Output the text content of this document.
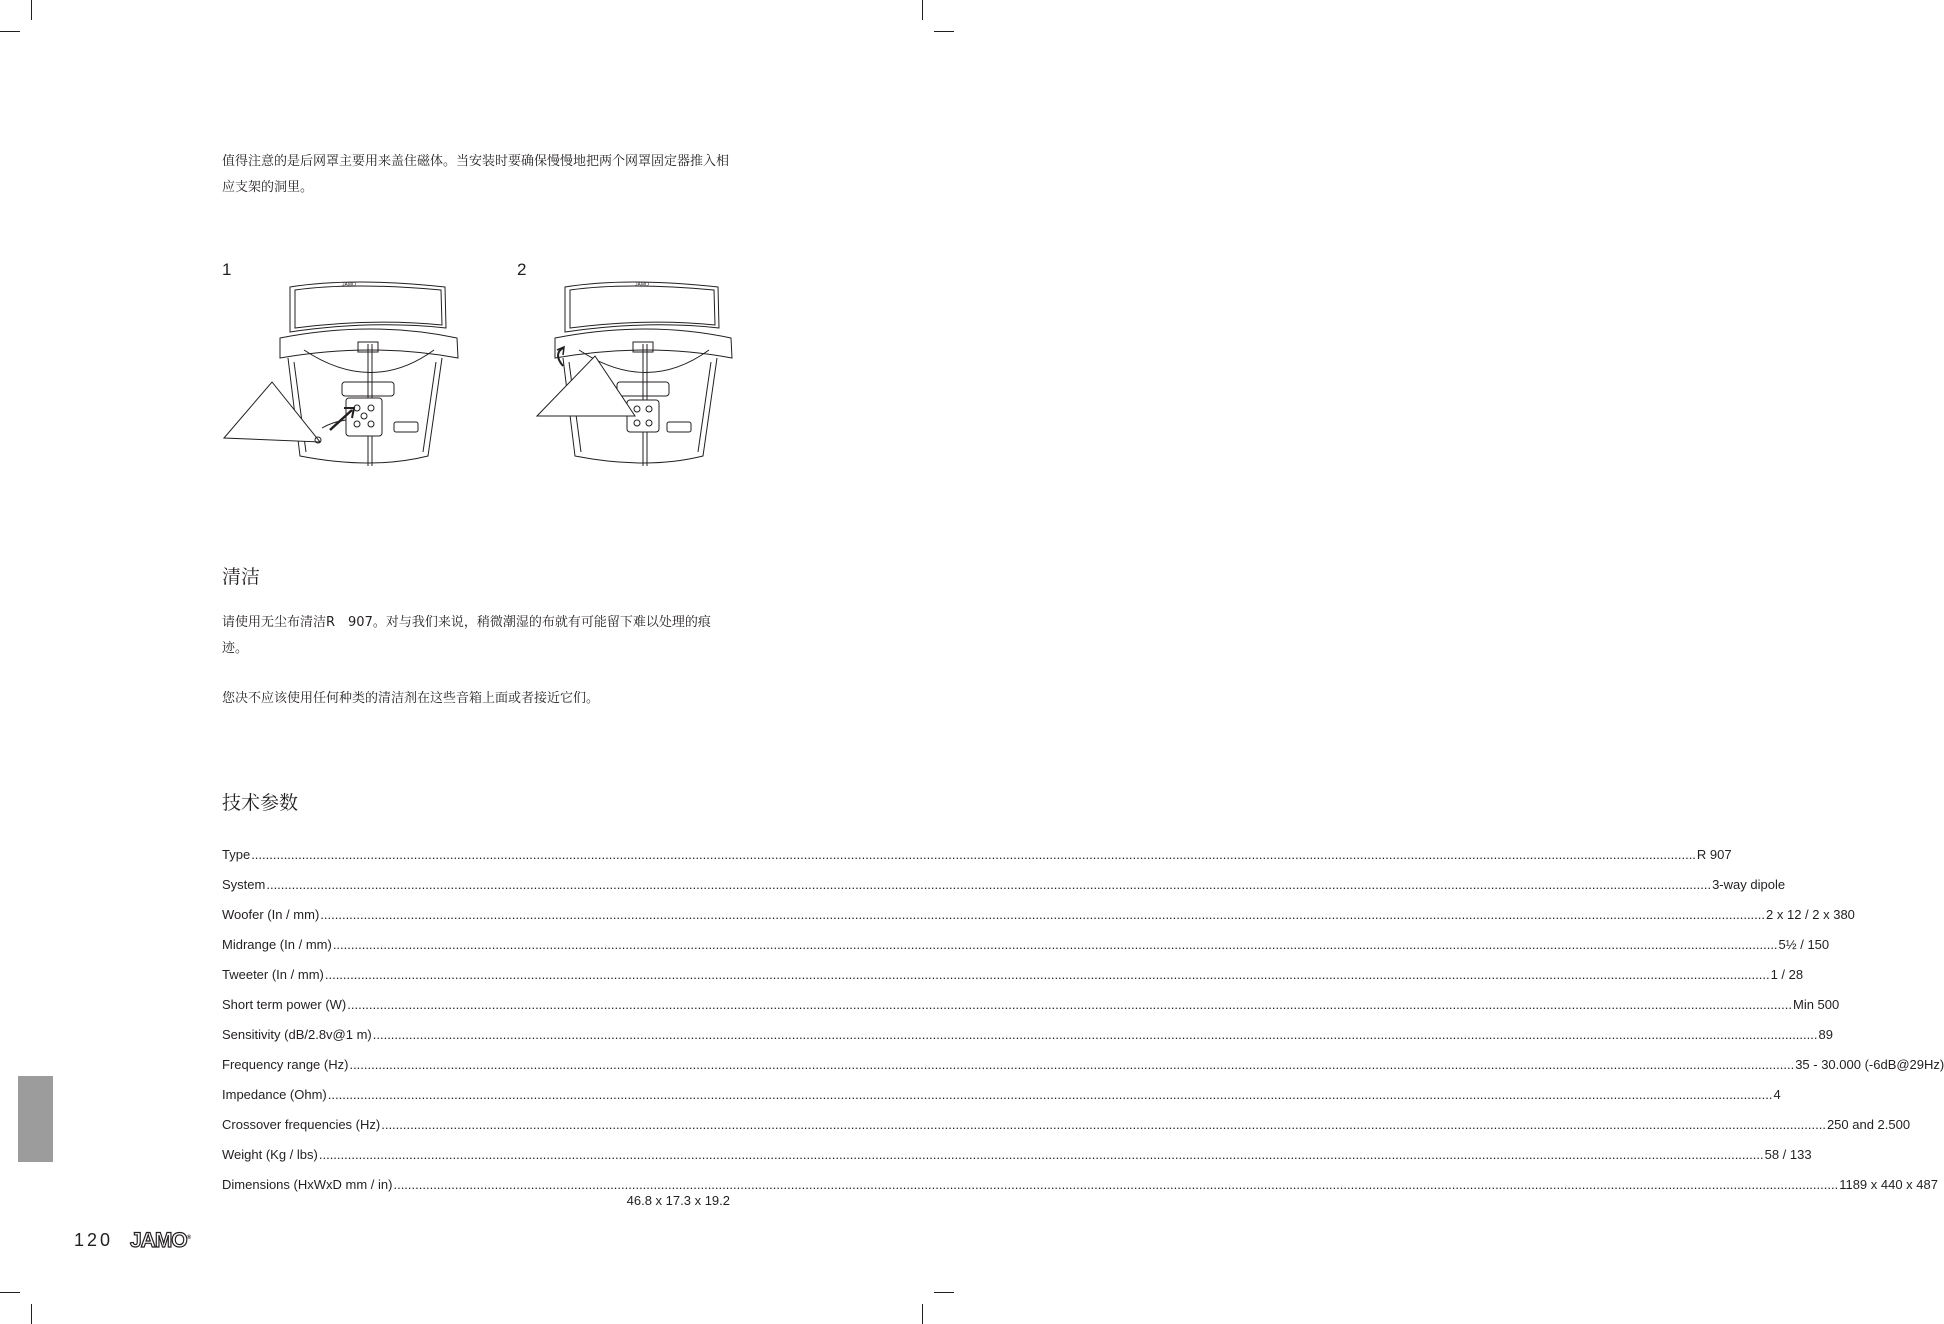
值得注意的是后网罩主要用来盖住磁体。当安装时要确保慢慢地把两个网罩固定器推入相应支架的洞里。

1	2
JAMO	JAMO
清洁

请使用无尘布清洁R　907。对与我们来说，稍微潮湿的布就有可能留下难以处理的痕迹。

您决不应该使用任何种类的清洁剂在这些音箱上面或者接近它们。

技术参数
Type ................................................................................................................................................................................................................................................................................................................................................................................................................ R 907
System ................................................................................................................................................................................................................................................................................................................................................................................................................ 3-way dipole
Woofer (In / mm) ................................................................................................................................................................................................................................................................................................................................................................................................................ 2 x 12 / 2 x 380
Midrange (In / mm) ................................................................................................................................................................................................................................................................................................................................................................................................................ 5½ / 150
Tweeter (In / mm) ................................................................................................................................................................................................................................................................................................................................................................................................................ 1 / 28
Short term power (W) ................................................................................................................................................................................................................................................................................................................................................................................................................ Min 500
Sensitivity (dB/2.8v@1 m) ................................................................................................................................................................................................................................................................................................................................................................................................................ 89
Frequency range (Hz) ................................................................................................................................................................................................................................................................................................................................................................................................................ 35 - 30.000 (-6dB@29Hz)
Impedance (Ohm) ................................................................................................................................................................................................................................................................................................................................................................................................................ 4
Crossover frequencies (Hz) ................................................................................................................................................................................................................................................................................................................................................................................................................ 250 and 2.500
Weight (Kg / lbs) ................................................................................................................................................................................................................................................................................................................................................................................................................ 58 / 133
Dimensions (HxWxD mm / in) ................................................................................................................................................................................................................................................................................................................................................................................................................ 1189 x 440 x 487
46.8 x 17.3 x 19.2
120 JAMO®
